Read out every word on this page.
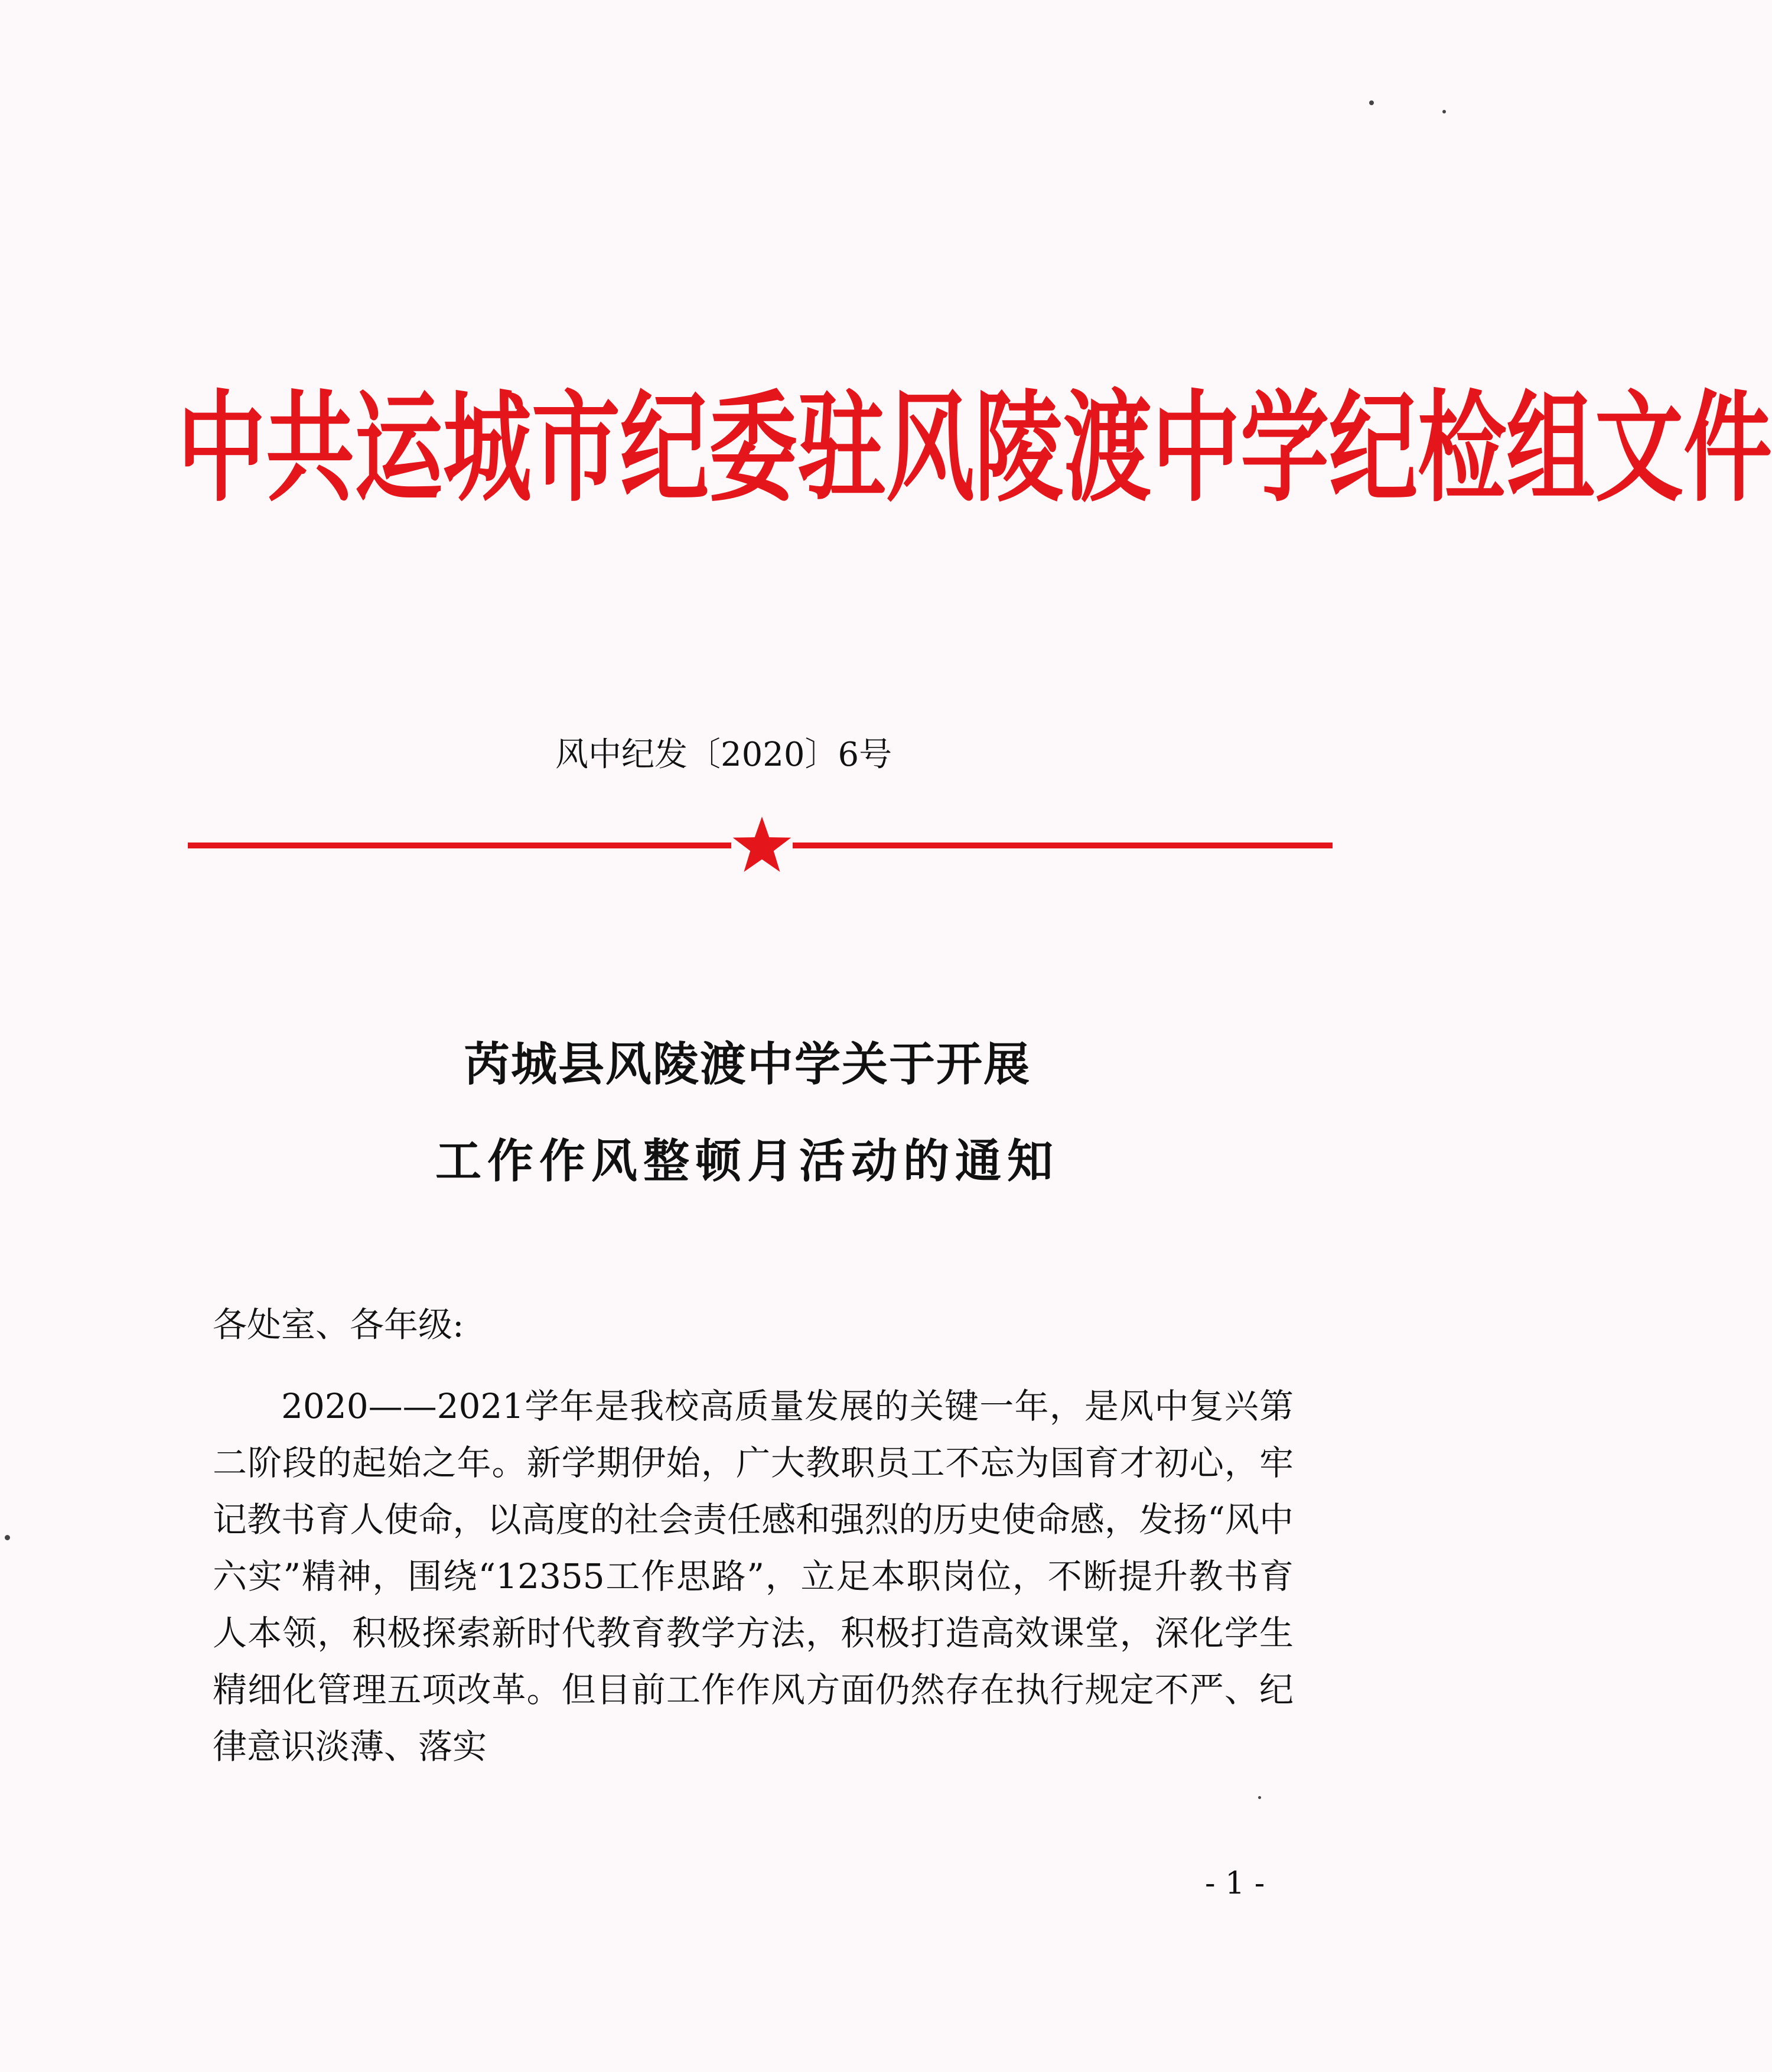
中共运城市纪委驻风陵渡中学纪检组文件
风中纪发〔2020〕6号
芮城县风陵渡中学关于开展
工作作风整顿月活动的通知
各处室、各年级:
2020——2021学年是我校高质量发展的关键一年，是风中复兴第二阶段的起始之年。新学期伊始，广大教职员工不忘为国育才初心，牢记教书育人使命，以高度的社会责任感和强烈的历史使命感，发扬“风中六实”精神，围绕“12355工作思路”，立足本职岗位，不断提升教书育人本领，积极探索新时代教育教学方法，积极打造高效课堂，深化学生精细化管理五项改革。但目前工作作风方面仍然存在执行规定不严、纪律意识淡薄、落实
- 1 -
